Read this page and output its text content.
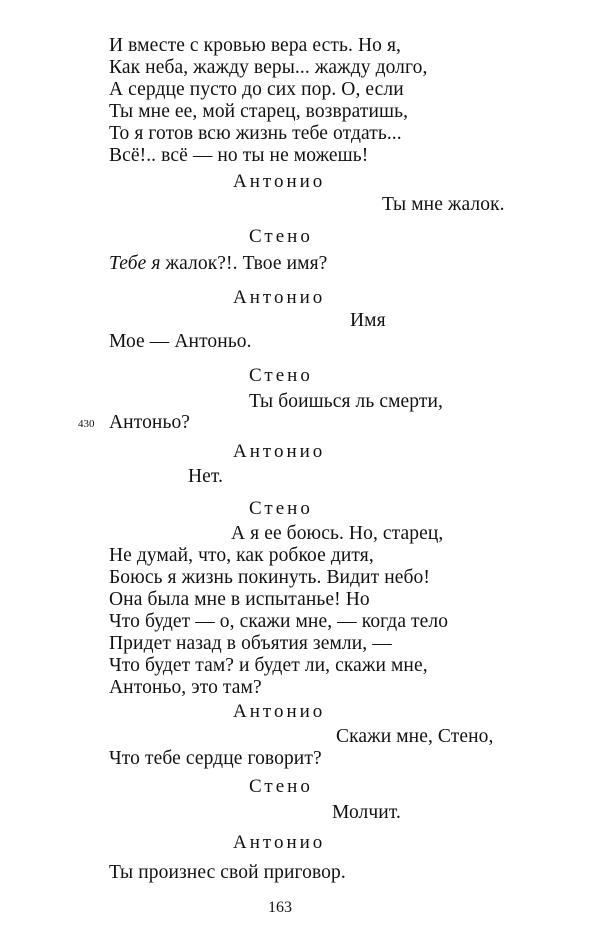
И вместе с кровью вера есть. Но я,
Как неба, жажду веры... жажду долго,
А сердце пусто до сих пор. О, если
Ты мне ее, мой старец, возвратишь,
То я готов всю жизнь тебе отдать...
Всё!.. всё — но ты не можешь!
Антонио
Ты мне жалок.
Стено
Тебе я жалок?!. Твое имя?
Антонио
Имя
Мое — Антоньо.
Стено
Ты боишься ль смерти,
430 Антоньо?
Антонио
Нет.
Стено
А я ее боюсь. Но, старец,
Не думай, что, как робкое дитя,
Боюсь я жизнь покинуть. Видит небо!
Она была мне в испытанье! Но
Что будет — о, скажи мне, — когда тело
Придет назад в объятия земли, —
Что будет там? и будет ли, скажи мне,
Антоньо, это там?
Антонио
Скажи мне, Стено,
Что тебе сердце говорит?
Стено
Молчит.
Антонио
Ты произнес свой приговор.
163
